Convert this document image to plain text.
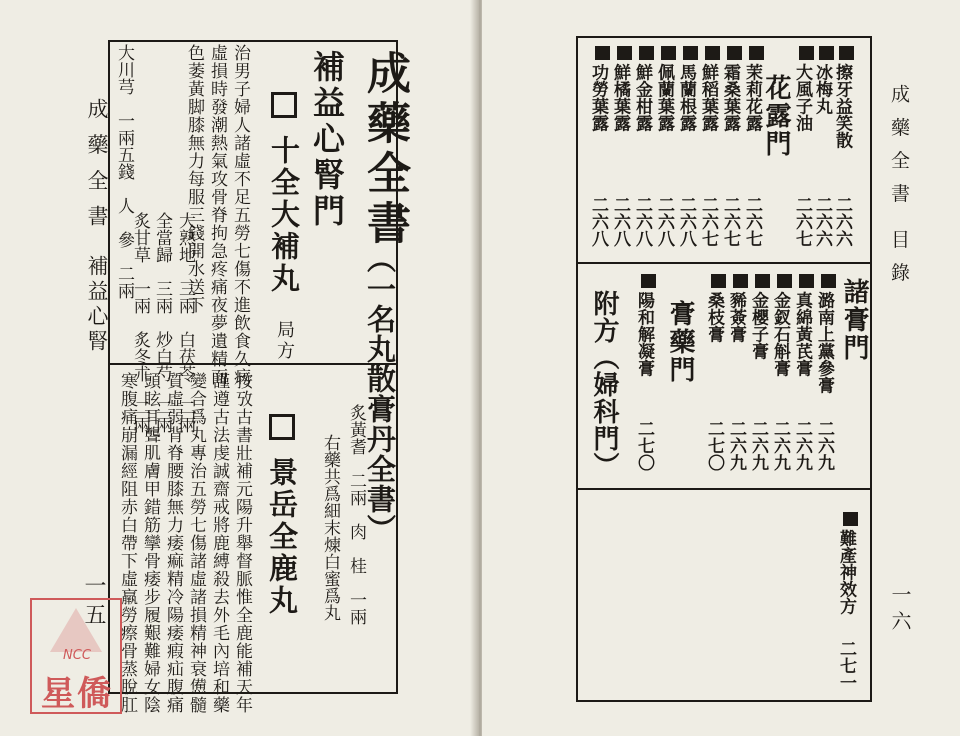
成 藥 全 書　補益心腎
一 五
成藥全書
（一名丸散膏丹全書）
補益心腎門
十全大補丸 局方
治男子婦人諸虛不足五勞七傷不進飲食久病
虛損時發潮熱氣攻骨脊拘急疼痛夜夢遺精面
色萎黃脚膝無力每服三錢開水送下
大熟地　三兩　白茯苓　二兩
全當歸　三兩　炒白芍　二兩
炙甘草　一兩　炙冬朮　二兩
大川芎　一兩五錢　人　參　二兩
炙黃耆　二兩　肉　桂　一兩
右藥共爲細末煉白蜜爲丸
景岳全鹿丸
按攷古書壯補元陽升舉督脈惟全鹿能補天年
謹遵古法虔誠齋戒將鹿縛殺去外毛內培和藥
變合爲丸專治五勞七傷諸虛諸損精神衰憊髓
質虛弱背脊腰膝無力痿痲精冷陽痿瘕疝腹痛
頭眩耳聾肌膚甲錯筋攣骨痿步履艱難婦女陰
寒腹痛崩漏經阻赤白帶下虛羸勞瘵骨蒸脫肛
NCC
星僑
成 藥 全 書　目 錄
一 六
擦牙益笑散
二六六
冰梅丸
二六六
大風子油
二六七
花露門
茉莉花露
二六七
霜桑葉露
二六七
鮮稻葉露
二六七
馬蘭根露
二六八
佩蘭葉露
二六八
鮮金柑露
二六八
鮮橘葉露
二六八
功勞葉露
二六八
諸膏門
潞南上黨參膏
二六九
真綿黃芪膏
二六九
金釵石斛膏
二六九
金櫻子膏
二六九
豨薟膏
二六九
桑枝膏
二七〇
膏藥門
陽和解凝膏
二七〇
附方（婦科門）
難產神效方
二七一
